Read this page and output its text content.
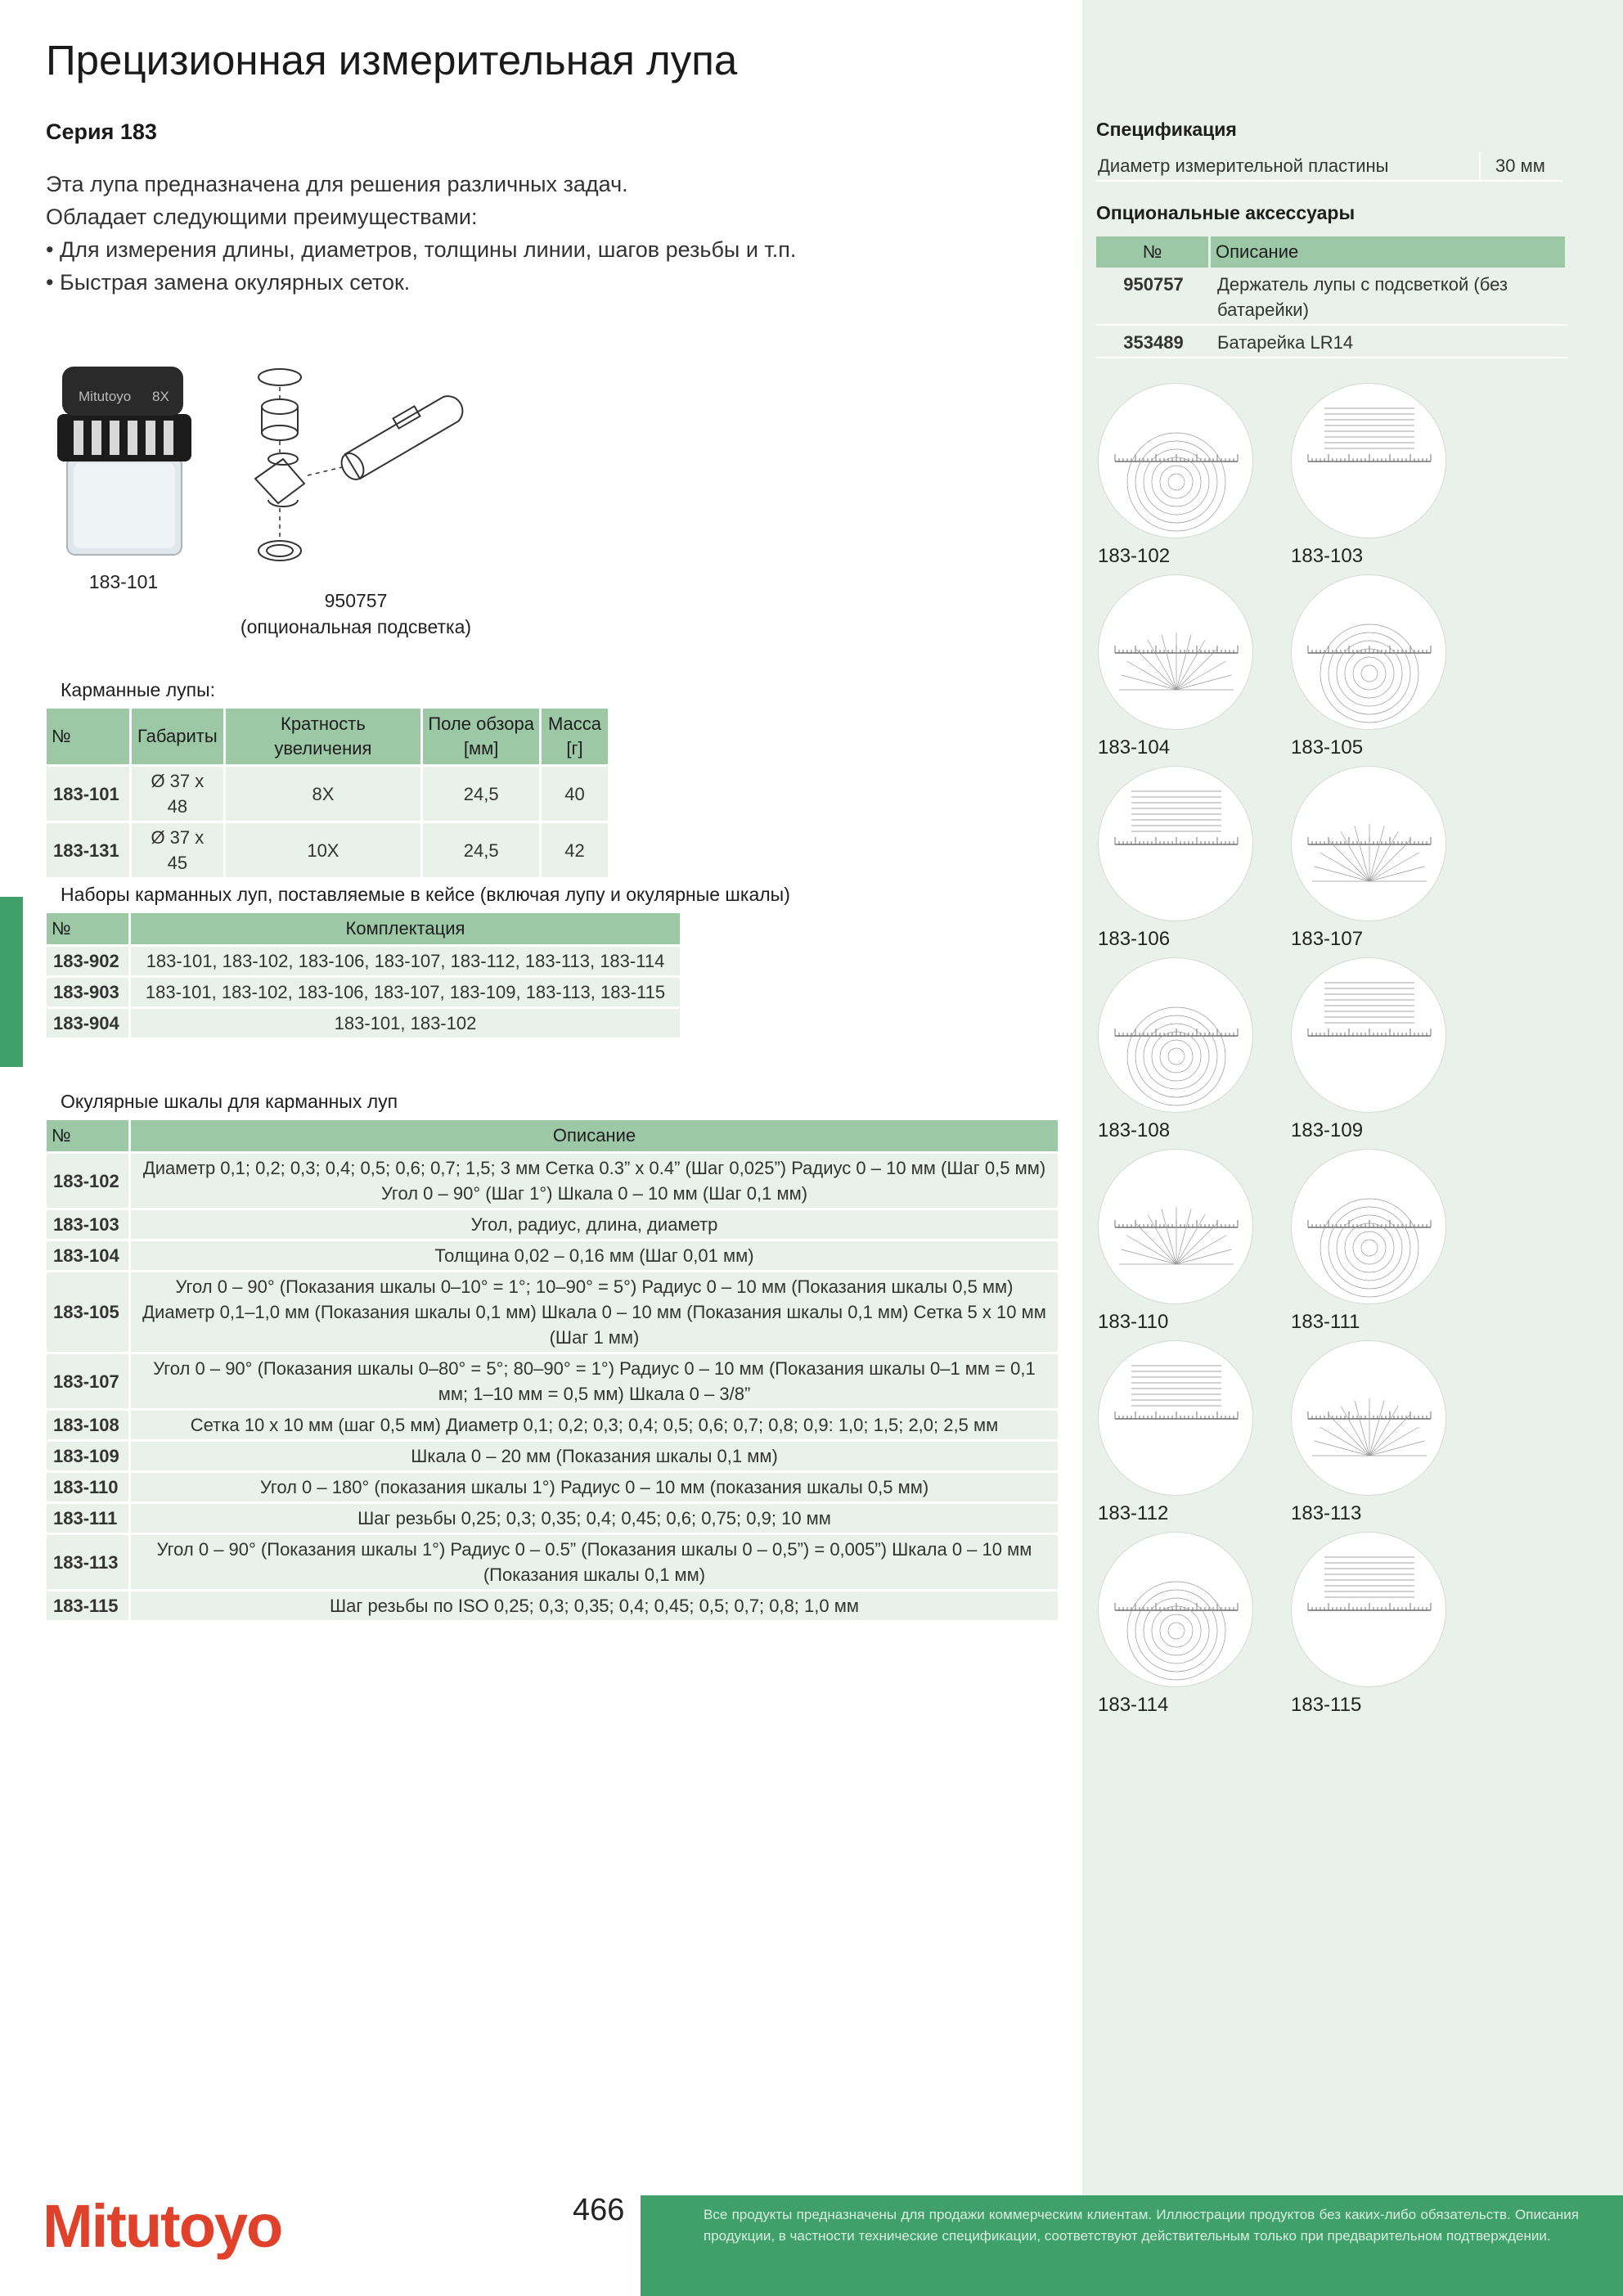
Прецизионная измерительная лупа
Серия 183
Эта лупа предназначена для решения различных задач.
Обладает следующими преимуществами:
• Для измерения длины, диаметров, толщины линии, шагов резьбы и т.п.
• Быстрая замена окулярных сеток.
Mitutoyo 8X
183-101
950757
(опциональная подсветка)
Карманные лупы:
№	Габариты	Кратность увеличения	Поле обзора [мм]	Масса [г]
183-101	Ø 37 x 48	8X	24,5	40
183-131	Ø 37 x 45	10X	24,5	42
Наборы карманных луп, поставляемые в кейсе (включая лупу и окулярные шкалы)
№	Комплектация
183-902	183-101, 183-102, 183-106, 183-107, 183-112, 183-113, 183-114
183-903	183-101, 183-102, 183-106, 183-107, 183-109, 183-113, 183-115
183-904	183-101, 183-102
Окулярные шкалы для карманных луп
№	Описание
183-102	Диаметр 0,1; 0,2; 0,3; 0,4; 0,5; 0,6; 0,7; 1,5; 3 мм Сетка 0.3” x 0.4” (Шаг 0,025”) Радиус 0 – 10 мм (Шаг 0,5 мм) Угол 0 – 90° (Шаг 1°) Шкала 0 – 10 мм (Шаг 0,1 мм)
183-103	Угол, радиус, длина, диаметр
183-104	Толщина 0,02 – 0,16 мм (Шаг 0,01 мм)
183-105	Угол 0 – 90° (Показания шкалы 0–10° = 1°; 10–90° = 5°) Радиус 0 – 10 мм (Показания шкалы 0,5 мм) Диаметр 0,1–1,0 мм (Показания шкалы 0,1 мм) Шкала 0 – 10 мм (Показания шкалы 0,1 мм) Сетка 5 x 10 мм (Шаг 1 мм)
183-107	Угол 0 – 90° (Показания шкалы 0–80° = 5°; 80–90° = 1°) Радиус 0 – 10 мм (Показания шкалы 0–1 мм = 0,1 мм; 1–10 мм = 0,5 мм) Шкала 0 – 3/8”
183-108	Сетка 10 x 10 мм (шаг 0,5 мм) Диаметр 0,1; 0,2; 0,3; 0,4; 0,5; 0,6; 0,7; 0,8; 0,9: 1,0; 1,5; 2,0; 2,5 мм
183-109	Шкала 0 – 20 мм (Показания шкалы 0,1 мм)
183-110	Угол 0 – 180° (показания шкалы 1°) Радиус 0 – 10 мм (показания шкалы 0,5 мм)
183-111	Шаг резьбы 0,25; 0,3; 0,35; 0,4; 0,45; 0,6; 0,75; 0,9; 10 мм
183-113	Угол 0 – 90° (Показания шкалы 1°) Радиус 0 – 0.5” (Показания шкалы 0 – 0,5”) = 0,005”) Шкала 0 – 10 мм (Показания шкалы 0,1 мм)
183-115	Шаг резьбы по ISO 0,25; 0,3; 0,35; 0,4; 0,45; 0,5; 0,7; 0,8; 1,0 мм
Спецификация
Диаметр измерительной пластины	30 мм
Опциональные аксессуары
№	Описание
950757	Держатель лупы с подсветкой (без батарейки)
353489	Батарейка LR14
183-102	183-103
183-104	183-105
183-106	183-107
183-108	183-109
183-110	183-111
183-112	183-113
183-114	183-115
Mitutoyo	466	Все продукты предназначены для продажи коммерческим клиентам. Иллюстрации продуктов без каких-либо обязательств. Описания продукции, в частности технические спецификации, соответствуют действительным только при предварительном подтверждении.
